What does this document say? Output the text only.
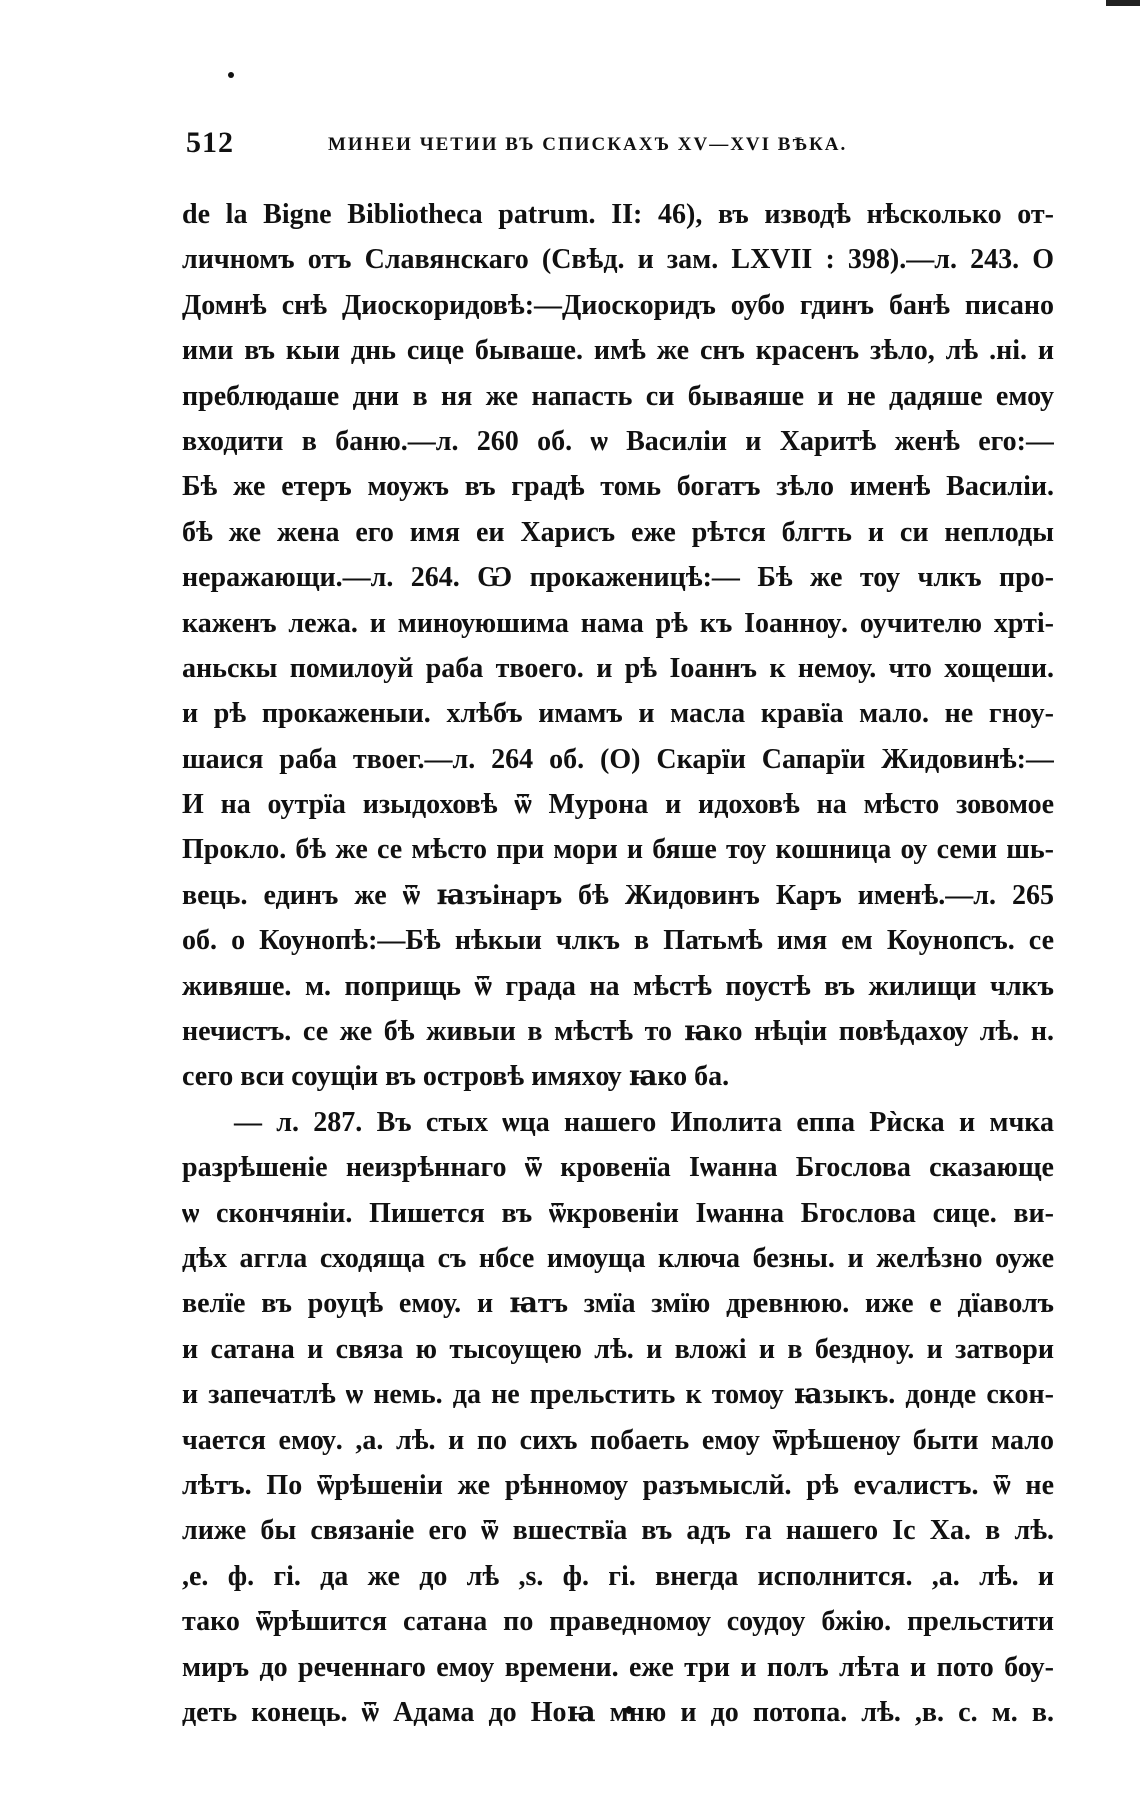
512	МИНЕИ ЧЕТИИ ВЪ СПИСКАХЪ XV—XVI ВѢКА.
de la Bigne Bibliotheca patrum. II: 46), въ изводѣ нѣсколько от-
личномъ отъ Славянскаго (Свѣд. и зам. LXVII : 398).—л. 243. О
Домнѣ снѣ Диоскоридовѣ:—Диоскоридъ оубо гдинъ банѣ писано
ими въ кыи днь сице бываше. имѣ же снъ красенъ зѣло, лѣ .ні. и
преблюдаше дни в ня же напасть си бываяше и не дадяше емоу
входити в баню.—л. 260 об. ѡ Василіи и Харитѣ женѣ его:—
Бѣ же етеръ моужъ въ градѣ томь богатъ зѣло именѣ Василіи.
бѣ же жена его имя еи Харисъ еже рѣтся блгть и си неплоды
неражающи.—л. 264. Ѡ прокаженицѣ:— Бѣ же тоу члкъ про-
каженъ лежа. и минѹюшима нама рѣ къ Іоаннѹ. оучителю хртi-
аньскы помилоуй раба твоего. и рѣ Іоаннъ к немоу. что хощеши.
и рѣ прокаженыи. хлѣбъ имамъ и масла кравїа мало. не гноу-
шаися раба твоег.—л. 264 об. (О) Скарїи Сапарїи Жидовинѣ:—
И на оутрїа изыдоховѣ ѿ Мурона и идоховѣ на мѣсто зовомое
Прокло. бѣ же се мѣсто при мори и бяше тоу кошница оу семи шь-
вець. единъ же ѿ ꙗзъінаръ бѣ Жидовинъ Каръ именѣ.—л. 265
об. о Коунопѣ:—Бѣ нѣкыи члкъ в Патьмѣ имя ем Коунопсъ. се
живяше. м. поприщь ѿ града на мѣстѣ поустѣ въ жилищи члкъ
нечистъ. се же бѣ живыи в мѣстѣ то ꙗко нѣціи повѣдахѹ лѣ. н.
сего вси соущіи въ островѣ имяхѹ ꙗко ба.
— л. 287. Въ стых ѡца нашего Иполита еппа Рѝска и мчка
разрѣшеніе неизрѣннаго ѿ кровенїа Іѡанна Бгослова сказающе
ѡ скончяніи. Пишется въ ѿкровеніи Іѡанна Бгослова сице. ви-
дѣх аггла сходяща съ нбсе имѹща ключа безны. и желѣзно оуже
велїе въ роуцѣ емоу. и ꙗтъ змїа змїю древнюю. иже е дїаволъ
и сатана и связа ю тысоущею лѣ. и вложі и в безднoу. и затвори
и запечатлѣ ѡ немь. да не прельстить к томѹ ꙗзыкъ. донде скон-
чается емѹ. ,а. лѣ. и по сихъ побаеть емоу ѿрѣшенѹ быти мало
лѣтъ. По ѿрѣшеніи же рѣнномѹ разъмыслй. рѣ еѵалистъ. ѿ не
лиже бы связаніе его ѿ вшествїа въ адъ га нашего Іс Ха. в лѣ.
,е. ф. гі. да же до лѣ ,ѕ. ф. гі. внегда исполнится. ,а. лѣ. и
тако ѿрѣшится сатана по праведномѹ соудоу бжію. прельстити
миръ до реченнаго емоу времени. еже три и полъ лѣта и пото боу-
деть конець. ѿ Адама до Ноꙗ мню и до потопа. лѣ. ,в. с. м. в.
